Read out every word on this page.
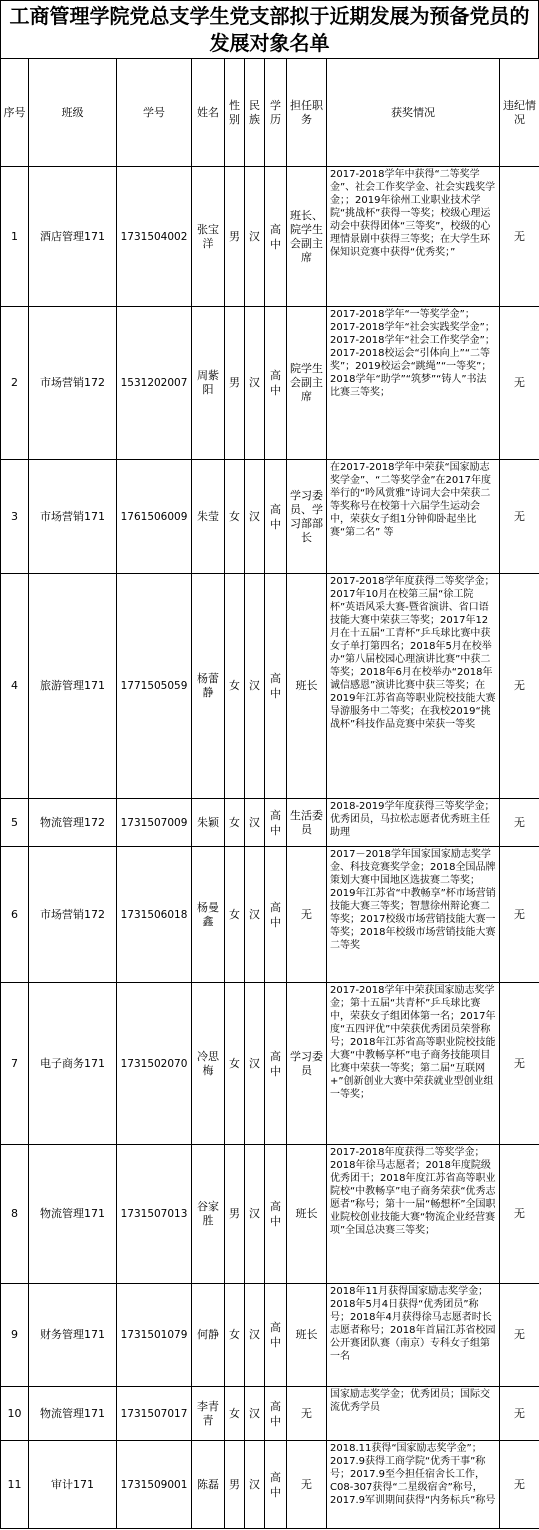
工商管理学院党总支学生党支部拟于近期发展为预备党员的发展对象名单
序号	班级	学号	姓名	性别	民族	学历	担任职务	获奖情况	违纪情况
1	酒店管理171	1731504002	张宝洋	男	汉	高中	班长、院学生会副主席	2017-2018学年中获得“二等奖学金”、社会工作奖学金、社会实践奖学金；；2019年徐州工业职业技术学院“挑战杯”获得一等奖；校级心理运动会中获得团体“三等奖”，校级的心理情景剧中获得三等奖；在大学生环保知识竞赛中获得“优秀奖；”	无
2	市场营销172	1531202007	周紫阳	男	汉	高中	院学生会副主席	2017-2018学年“一等奖学金”；2017-2018学年“社会实践奖学金”；2017-2018学年“社会工作奖学金”；2017-2018校运会“引体向上”“二等奖”；2019校运会“跳绳”“一等奖”；2018学年“助学”“筑梦”“铸人”书法比赛三等奖；	无
3	市场营销171	1761506009	朱莹	女	汉	高中	学习委员、学习部部长	在2017-2018学年中荣获“国家励志奖学金”、“二等奖学金”在2017年度举行的“吟风赏雅”诗词大会中荣获二等奖称号在校第十六届学生运动会中，荣获女子组1分钟仰卧起坐比赛“第二名” 等	无
4	旅游管理171	1771505059	杨蕾静	女	汉	高中	班长	2017-2018学年度获得二等奖学金；2017年10月在校第三届“徐工院杯”英语风采大赛-暨省演讲、省口语技能大赛中荣获三等奖；2017年12月在十五届“工青杯”乒乓球比赛中获女子单打第四名；2018年5月在校举办“第八届校园心理演讲比赛”中获二等奖；2018年6月在校举办“2018年诚信感恩”演讲比赛中获三等奖；在2019年江苏省高等职业院校技能大赛导游服务中二等奖；在我校2019“挑战杯”科技作品竞赛中荣获一等奖	无
5	物流管理172	1731507009	朱颖	女	汉	高中	生活委员	2018-2019学年度获得三等奖学金；优秀团员，马拉松志愿者优秀班主任助理	无
6	市场营销172	1731506018	杨曼鑫	女	汉	高中	无	2017－2018学年国家国家励志奖学金、科技竞赛奖学金；2018全国品牌策划大赛中国地区选拔赛二等奖；2019年江苏省“中教畅享”杯市场营销技能大赛三等奖；智慧徐州辩论赛二等奖；2017校级市场营销技能大赛一等奖；2018年校级市场营销技能大赛二等奖	无
7	电子商务171	1731502070	冷思梅	女	汉	高中	学习委员	2017-2018学年中荣获国家励志奖学金；第十五届“共青杯”乒乓球比赛中，荣获女子组团体第一名；2017年度“五四评优”中荣获优秀团员荣誉称号；2018年江苏省高等职业院校技能大赛“中教畅享杯”电子商务技能项目比赛中荣获一等奖；第二届“互联网+”创新创业大赛中荣获就业型创业组一等奖；	无
8	物流管理171	1731507013	谷家胜	男	汉	高中	班长	2017-2018年度获得二等奖学金；2018年徐马志愿者；2018年度院级优秀团干；2018年度江苏省高等职业院校“中教畅享”电子商务荣获“优秀志愿者”称号；第十一届“畅想杯”全国职业院校创业技能大赛“物流企业经营赛项”全国总决赛三等奖；	无
9	财务管理171	1731501079	何静	女	汉	高中	班长	2018年11月获得国家励志奖学金；2018年5月4日获得“优秀团员”称号；2018年4月获得徐马志愿者时长志愿者称号；2018年首届江苏省校园公开赛团队赛（南京）专科女子组第一名	无
10	物流管理171	1731507017	李青青	女	汉	高中	无	国家励志奖学金；优秀团员；国际交流优秀学员	无
11	审计171	1731509001	陈磊	男	汉	高中	无	2018.11获得“国家励志奖学金”；2017.9获得工商学院“优秀干事”称号；2017.9至今担任宿舍长工作，C08-307获得“二星级宿舍”称号，2017.9军训期间获得“内务标兵”称号	无
